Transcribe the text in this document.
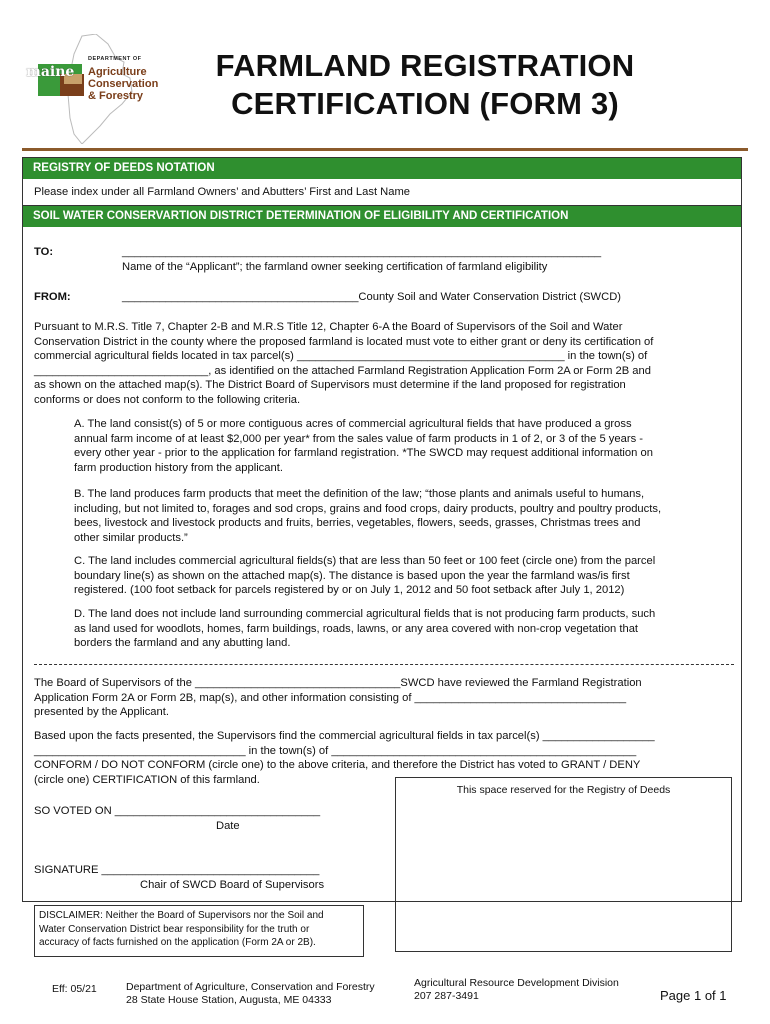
maine
DEPARTMENT OF
Agriculture
Conservation
& Forestry
FARMLAND REGISTRATION
CERTIFICATION (FORM 3)
REGISTRY OF DEEDS NOTATION
Please index under all Farmland Owners’ and Abutters’ First and Last Name
SOIL WATER CONSERVARTION DISTRICT DETERMINATION OF ELIGIBILITY AND CERTIFICATION
TO:	_____________________________________________________________________________
Name of the “Applicant”; the farmland owner seeking certification of farmland eligibility
FROM:	______________________________________County Soil and Water Conservation District (SWCD)
Pursuant to M.R.S. Title 7, Chapter 2-B and M.R.S Title 12, Chapter 6-A the Board of Supervisors of the Soil and Water
Conservation District in the county where the proposed farmland is located must vote to either grant or deny its certification of
commercial agricultural fields located in tax parcel(s) ___________________________________________ in the town(s) of
____________________________, as identified on the attached Farmland Registration Application Form 2A or Form 2B and
as shown on the attached map(s). The District Board of Supervisors must determine if the land proposed for registration
conforms or does not conform to the following criteria.
A. The land consist(s) of 5 or more contiguous acres of commercial agricultural fields that have produced a gross
annual farm income of at least $2,000 per year* from the sales value of farm products in 1 of 2, or 3 of the 5 years -
every other year - prior to the application for farmland registration. *The SWCD may request additional information on
farm production history from the applicant.
B. The land produces farm products that meet the definition of the law; “those plants and animals useful to humans,
including, but not limited to, forages and sod crops, grains and food crops, dairy products, poultry and poultry products,
bees, livestock and livestock products and fruits, berries, vegetables, flowers, seeds, grasses, Christmas trees and
other similar products.”
C. The land includes commercial agricultural fields(s) that are less than 50 feet or 100 feet (circle one) from the parcel
boundary line(s) as shown on the attached map(s). The distance is based upon the year the farmland was/is first
registered. (100 foot setback for parcels registered by or on July 1, 2012 and 50 foot setback after July 1, 2012)
D. The land does not include land surrounding commercial agricultural fields that is not producing farm products, such
as land used for woodlots, homes, farm buildings, roads, lawns, or any area covered with non-crop vegetation that
borders the farmland and any abutting land.
The Board of Supervisors of the _________________________________SWCD have reviewed the Farmland Registration
Application Form 2A or Form 2B, map(s), and other information consisting of __________________________________
presented by the Applicant.
Based upon the facts presented, the Supervisors find the commercial agricultural fields in tax parcel(s) __________________
__________________________________ in the town(s) of _________________________________________________
CONFORM / DO NOT CONFORM (circle one) to the above criteria, and therefore the District has voted to GRANT / DENY
(circle one) CERTIFICATION of this farmland.
This space reserved for the Registry of Deeds
SO VOTED ON _________________________________
Date
SIGNATURE ___________________________________
Chair of SWCD Board of Supervisors
DISCLAIMER: Neither the Board of Supervisors nor the Soil and
Water Conservation District bear responsibility for the truth or
accuracy of facts furnished on the application (Form 2A or 2B).
Eff: 05/21	Department of Agriculture, Conservation and Forestry
28 State House Station, Augusta, ME 04333
Agricultural Resource Development Division
207 287-3491	Page 1 of 1
